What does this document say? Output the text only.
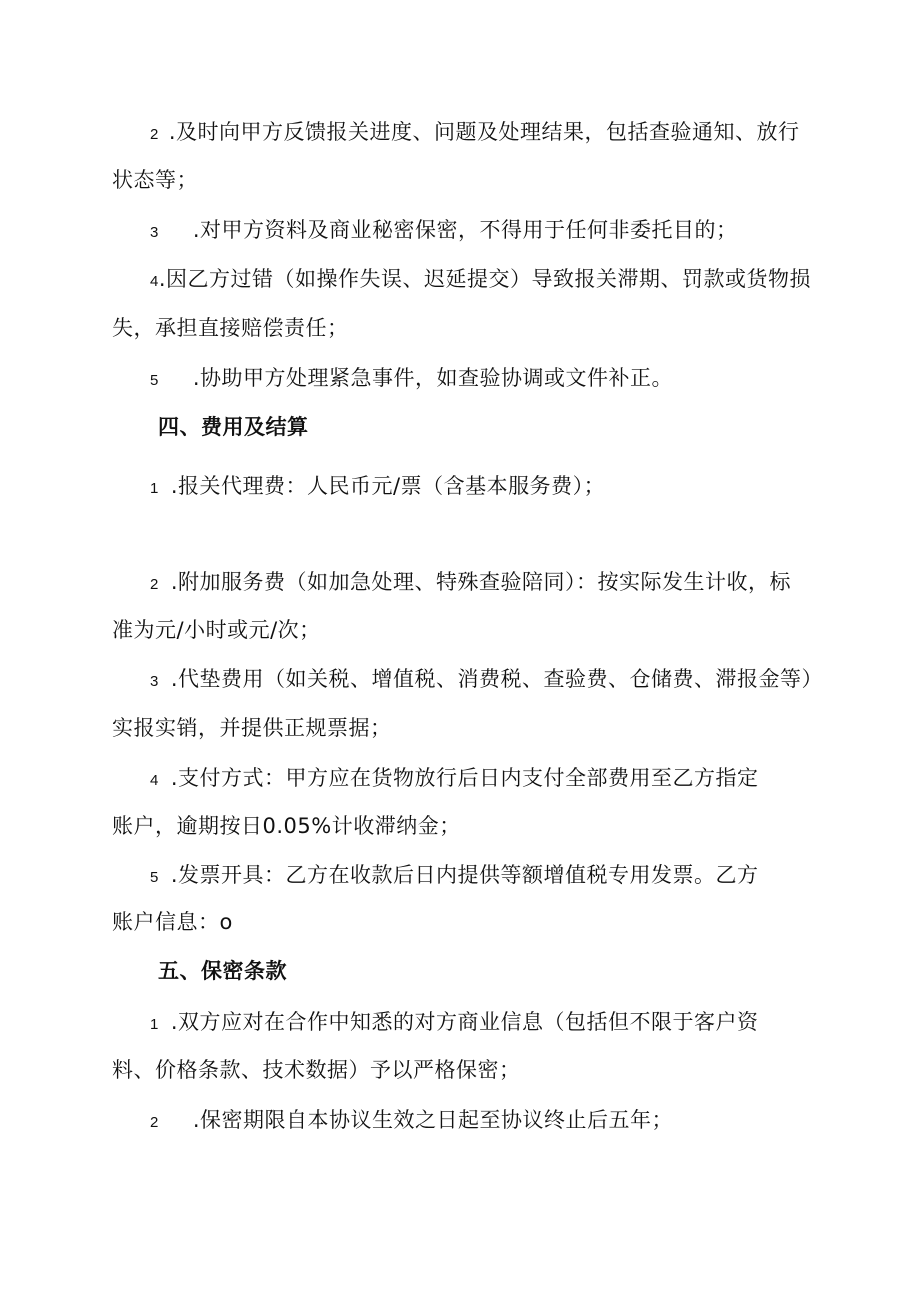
2 .及时向甲方反馈报关进度、问题及处理结果，包括查验通知、放行
状态等；
3 .对甲方资料及商业秘密保密，不得用于任何非委托目的；
4.因乙方过错（如操作失误、迟延提交）导致报关滞期、罚款或货物损
失，承担直接赔偿责任；
5 .协助甲方处理紧急事件，如查验协调或文件补正。
四、费用及结算
1 .报关代理费：人民币元/票（含基本服务费）；
2 .附加服务费（如加急处理、特殊查验陪同）：按实际发生计收，标
准为元/小时或元/次；
3 .代垫费用（如关税、增值税、消费税、查验费、仓储费、滞报金等）
实报实销，并提供正规票据；
4 .支付方式：甲方应在货物放行后日内支付全部费用至乙方指定
账户，逾期按日0.05%计收滞纳金；
5 .发票开具：乙方在收款后日内提供等额增值税专用发票。乙方
账户信息：o
五、保密条款
1 .双方应对在合作中知悉的对方商业信息（包括但不限于客户资
料、价格条款、技术数据）予以严格保密；
2 .保密期限自本协议生效之日起至协议终止后五年；
